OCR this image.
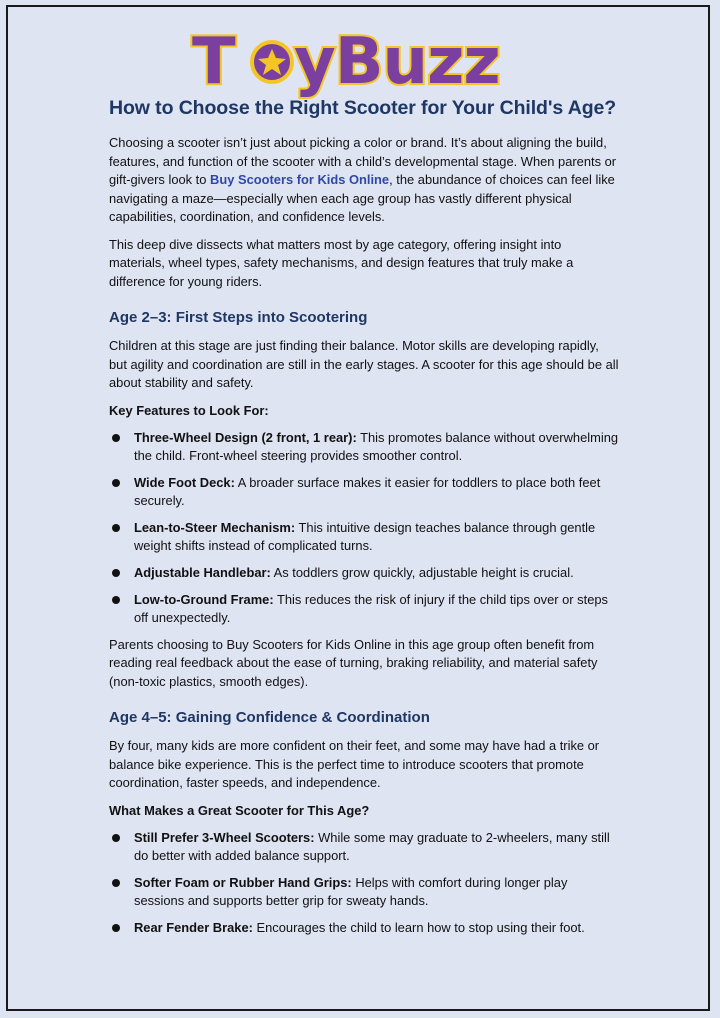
T yBuzz
How to Choose the Right Scooter for Your Child's Age?

Choosing a scooter isn’t just about picking a color or brand. It’s about aligning the build, features, and function of the scooter with a child’s developmental stage. When parents or gift-givers look to Buy Scooters for Kids Online, the abundance of choices can feel like navigating a maze—especially when each age group has vastly different physical capabilities, coordination, and confidence levels.

This deep dive dissects what matters most by age category, offering insight into materials, wheel types, safety mechanisms, and design features that truly make a difference for young riders.

Age 2–3: First Steps into Scootering

Children at this stage are just finding their balance. Motor skills are developing rapidly, but agility and coordination are still in the early stages. A scooter for this age should be all about stability and safety.

Key Features to Look For:
Three-Wheel Design (2 front, 1 rear): This promotes balance without overwhelming the child. Front-wheel steering provides smoother control.
Wide Foot Deck: A broader surface makes it easier for toddlers to place both feet securely.
Lean-to-Steer Mechanism: This intuitive design teaches balance through gentle weight shifts instead of complicated turns.
Adjustable Handlebar: As toddlers grow quickly, adjustable height is crucial.
Low-to-Ground Frame: This reduces the risk of injury if the child tips over or steps off unexpectedly.

Parents choosing to Buy Scooters for Kids Online in this age group often benefit from reading real feedback about the ease of turning, braking reliability, and material safety (non-toxic plastics, smooth edges).

Age 4–5: Gaining Confidence & Coordination

By four, many kids are more confident on their feet, and some may have had a trike or balance bike experience. This is the perfect time to introduce scooters that promote coordination, faster speeds, and independence.

What Makes a Great Scooter for This Age?
Still Prefer 3-Wheel Scooters: While some may graduate to 2-wheelers, many still do better with added balance support.
Softer Foam or Rubber Hand Grips: Helps with comfort during longer play sessions and supports better grip for sweaty hands.
Rear Fender Brake: Encourages the child to learn how to stop using their foot.
